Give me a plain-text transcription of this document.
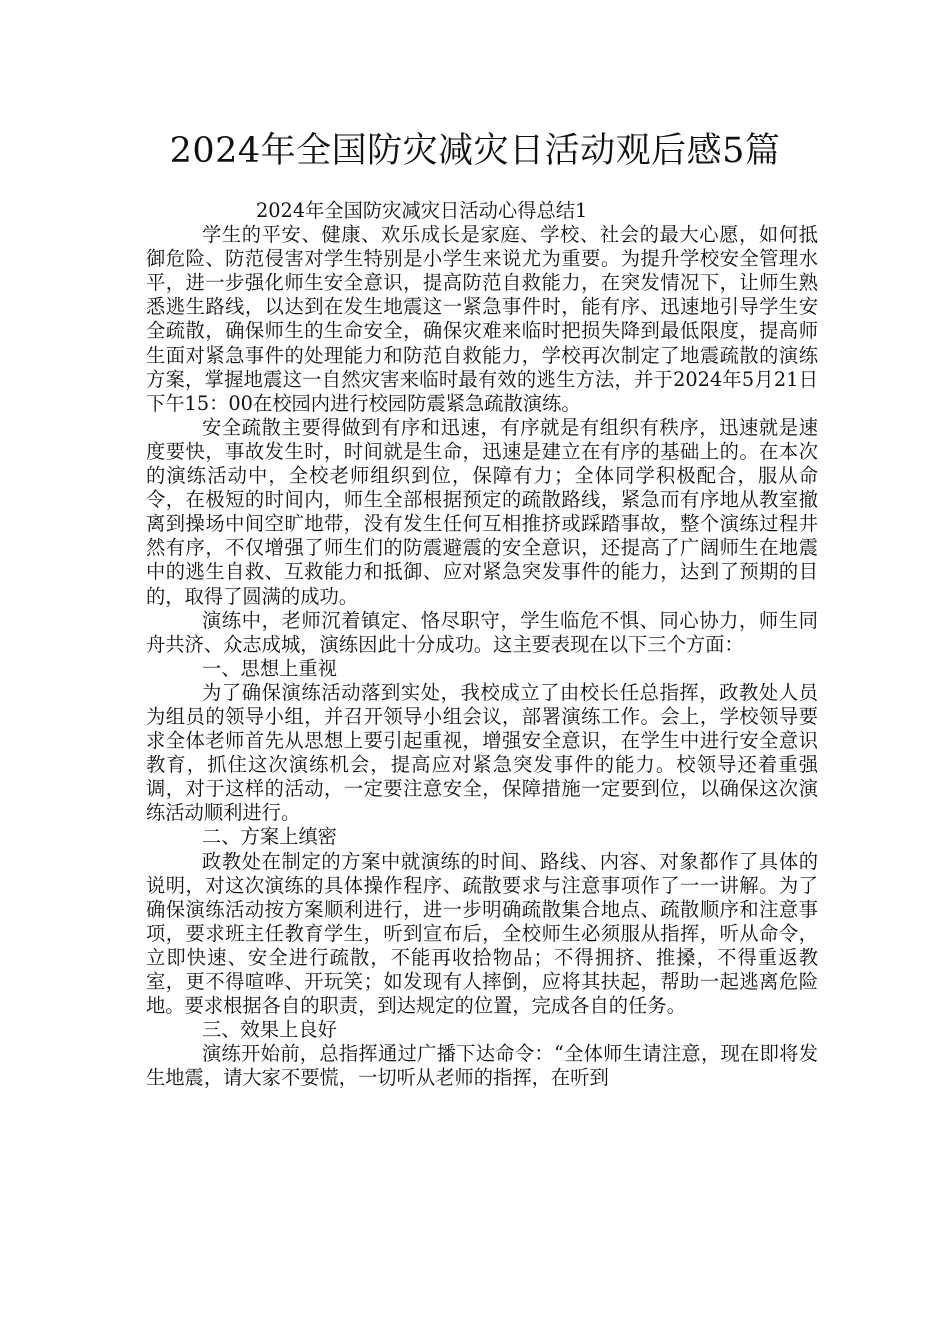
2024年全国防灾减灾日活动观后感5篇

2024年全国防灾减灾日活动心得总结1

学生的平安、健康、欢乐成长是家庭、学校、社会的最大心愿，如何抵御危险、防范侵害对学生特别是小学生来说尤为重要。为提升学校安全管理水平，进一步强化师生安全意识，提高防范自救能力，在突发情况下，让师生熟悉逃生路线，以达到在发生地震这一紧急事件时，能有序、迅速地引导学生安全疏散，确保师生的生命安全，确保灾难来临时把损失降到最低限度，提高师生面对紧急事件的处理能力和防范自救能力，学校再次制定了地震疏散的演练方案，掌握地震这一自然灾害来临时最有效的逃生方法，并于2024年5月21日下午15：00在校园内进行校园防震紧急疏散演练。

安全疏散主要得做到有序和迅速，有序就是有组织有秩序，迅速就是速度要快，事故发生时，时间就是生命，迅速是建立在有序的基础上的。在本次的演练活动中，全校老师组织到位，保障有力；全体同学积极配合，服从命令，在极短的时间内，师生全部根据预定的疏散路线，紧急而有序地从教室撤离到操场中间空旷地带，没有发生任何互相推挤或踩踏事故，整个演练过程井然有序，不仅增强了师生们的防震避震的安全意识，还提高了广阔师生在地震中的逃生自救、互救能力和抵御、应对紧急突发事件的能力，达到了预期的目的，取得了圆满的成功。

演练中，老师沉着镇定、恪尽职守，学生临危不惧、同心协力，师生同舟共济、众志成城，演练因此十分成功。这主要表现在以下三个方面：

一、思想上重视

为了确保演练活动落到实处，我校成立了由校长任总指挥，政教处人员为组员的领导小组，并召开领导小组会议，部署演练工作。会上，学校领导要求全体老师首先从思想上要引起重视，增强安全意识，在学生中进行安全意识教育，抓住这次演练机会，提高应对紧急突发事件的能力。校领导还着重强调，对于这样的活动，一定要注意安全，保障措施一定要到位，以确保这次演练活动顺利进行。

二、方案上缜密

政教处在制定的方案中就演练的时间、路线、内容、对象都作了具体的说明，对这次演练的具体操作程序、疏散要求与注意事项作了一一讲解。为了确保演练活动按方案顺利进行，进一步明确疏散集合地点、疏散顺序和注意事项，要求班主任教育学生，听到宣布后，全校师生必须服从指挥，听从命令，立即快速、安全进行疏散，不能再收拾物品；不得拥挤、推搡，不得重返教室，更不得喧哗、开玩笑；如发现有人摔倒，应将其扶起，帮助一起逃离危险地。要求根据各自的职责，到达规定的位置，完成各自的任务。

三、效果上良好

演练开始前，总指挥通过广播下达命令：“全体师生请注意，现在即将发生地震，请大家不要慌，一切听从老师的指挥，在听到
